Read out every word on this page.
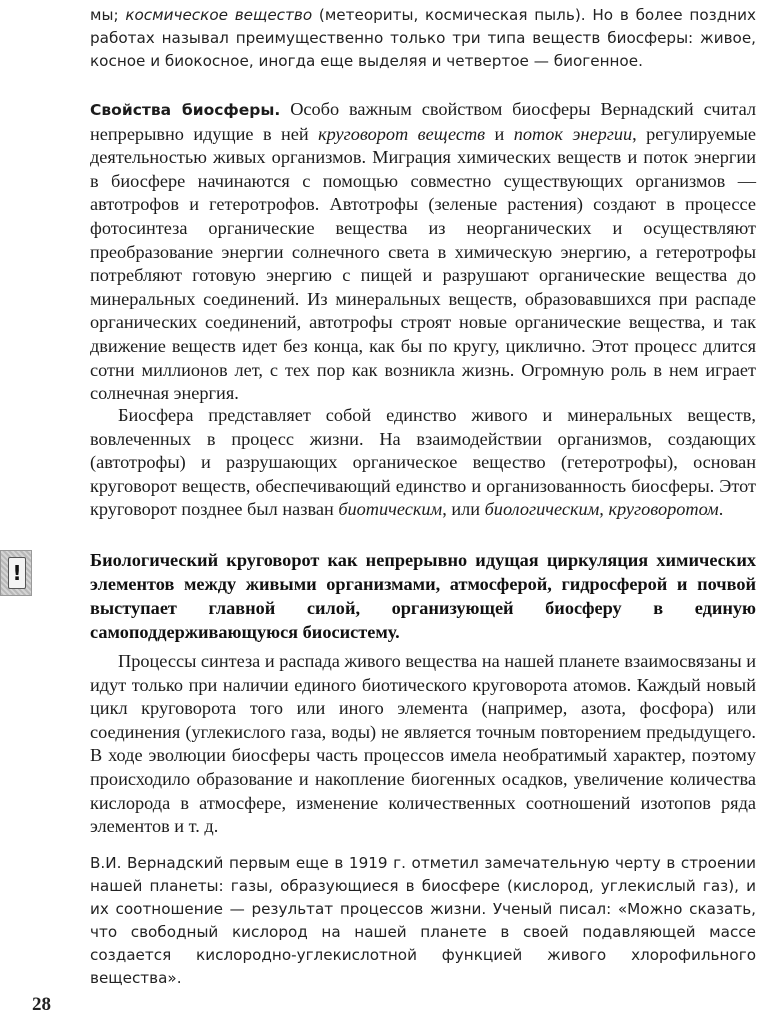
мы; космическое вещество (метеориты, космическая пыль). Но в более поздних работах называл преимущественно только три типа веществ биосферы: живое, косное и биокосное, иногда еще выделяя и четвертое — биогенное.

Свойства биосферы. Особо важным свойством биосферы Вернадский считал непрерывно идущие в ней круговорот веществ и поток энергии, регулируемые деятельностью живых организмов. Миграция химических веществ и поток энергии в биосфере начинаются с помощью совместно существующих организмов — автотрофов и гетеротрофов. Автотрофы (зеленые растения) создают в процессе фотосинтеза органические вещества из неорганических и осуществляют преобразование энергии солнечного света в химическую энергию, а гетеротрофы потребляют готовую энергию с пищей и разрушают органические вещества до минеральных соединений. Из минеральных веществ, образовавшихся при распаде органических соединений, автотрофы строят новые органические вещества, и так движение веществ идет без конца, как бы по кругу, циклично. Этот процесс длится сотни миллионов лет, с тех пор как возникла жизнь. Огромную роль в нем играет солнечная энергия.

Биосфера представляет собой единство живого и минеральных веществ, вовлеченных в процесс жизни. На взаимодействии организмов, создающих (автотрофы) и разрушающих органическое вещество (гетеротрофы), основан круговорот веществ, обеспечивающий единство и организованность биосферы. Этот круговорот позднее был назван биотическим, или биологическим, круговоротом.

!

Биологический круговорот как непрерывно идущая циркуляция химических элементов между живыми организмами, атмосферой, гидросферой и почвой выступает главной силой, организующей биосферу в единую самоподдерживающуюся биосистему.

Процессы синтеза и распада живого вещества на нашей планете взаимосвязаны и идут только при наличии единого биотического круговорота атомов. Каждый новый цикл круговорота того или иного элемента (например, азота, фосфора) или соединения (углекислого газа, воды) не является точным повторением предыдущего. В ходе эволюции биосферы часть процессов имела необратимый характер, поэтому происходило образование и накопление биогенных осадков, увеличение количества кислорода в атмосфере, изменение количественных соотношений изотопов ряда элементов и т. д.

В.И. Вернадский первым еще в 1919 г. отметил замечательную черту в строении нашей планеты: газы, образующиеся в биосфере (кислород, углекислый газ), и их соотношение — результат процессов жизни. Ученый писал: «Можно сказать, что свободный кислород на нашей планете в своей подавляющей массе создается кислородно-углекислотной функцией живого хлорофильного вещества».

28
